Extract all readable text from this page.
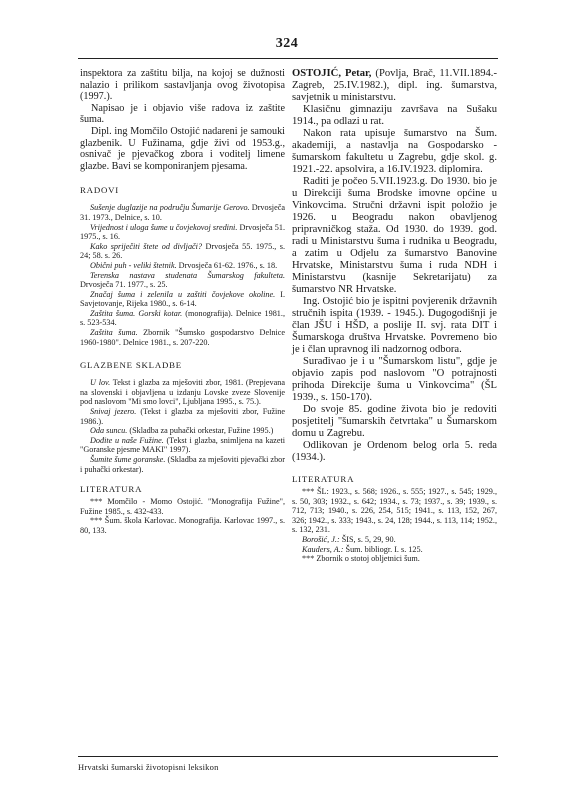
324

inspektora za zaštitu bilja, na kojoj se dužnosti nalazio i prilikom sastavljanja ovog životopisa (1997.).

Napisao je i objavio više radova iz zaštite šuma.

Dipl. ing Momčilo Ostojić nadareni je samouki glazbenik. U Fužinama, gdje živi od 1953.g., osnivač je pjevačkog zbora i voditelj limene glazbe. Bavi se komponiranjem pjesama.

RADOVI

Sušenje duglazije na području Šumarije Gerovo. Drvosječa 31. 1973., Delnice, s. 10.

Vrijednost i uloga šume u čovjekovoj sredini. Drvosječa 51. 1975., s. 16.

Kako spriječiti štete od divljači? Drvosječa 55. 1975., s. 24; 58. s. 26.

Obični puh - veliki štetnik. Drvosječa 61-62. 1976., s. 18.

Terenska nastava studenata Šumarskog fakulteta. Drvosječa 71. 1977., s. 25.

Značaj šuma i zelenila u zaštiti čovjekove okoline. I. Savjetovanje, Rijeka 1980., s. 6-14.

Zaštita šuma. Gorski kotar. (monografija). Delnice 1981., s. 523-534.

Zaštita šuma. Zbornik "Šumsko gospodarstvo Delnice 1960-1980". Delnice 1981., s. 207-220.

GLAZBENE SKLADBE

U lov. Tekst i glazba za mješoviti zbor, 1981. (Prepjevana na slovenski i objavljena u izdanju Lovske zveze Slovenije pod naslovom "Mi smo lovci", Ljubljana 1995., s. 75.).

Snivaj jezero. (Tekst i glazba za mješoviti zbor, Fužine 1986.).

Oda suncu. (Skladba za puhački orkestar, Fužine 1995.)

Dođite u naše Fužine. (Tekst i glazba, snimljena na kazeti "Goranske pjesme MAKI" 1997).

Šumite šume goranske. (Skladba za mješoviti pjevački zbor i puhački orkestar).

LITERATURA

*** Momčilo - Momo Ostojić. "Monografija Fužine", Fužine 1985., s. 432-433.

*** Šum. škola Karlovac. Monografija. Karlovac 1997., s. 80, 133.

OSTOJIĆ, Petar, (Povlja, Brač, 11.VII.1894.- Zagreb, 25.IV.1982.), dipl. ing. šumarstva, savjetnik u ministarstvu.

Klasičnu gimnaziju završava na Sušaku 1914., pa odlazi u rat.

Nakon rata upisuje šumarstvo na Šum. akademiji, a nastavlja na Gospodarsko - šumarskom fakultetu u Zagrebu, gdje skol. g. 1921.-22. apsolvira, a 16.IV.1923. diplomira.

Raditi je počeo 5.VII.1923.g. Do 1930. bio je u Direkciji šuma Brodske imovne općine u Vinkovcima. Stručni državni ispit položio je 1926. u Beogradu nakon obavljenog pripravničkog staža. Od 1930. do 1939. god. radi u Ministarstvu šuma i rudnika u Beogradu, a zatim u Odjelu za šumarstvo Banovine Hrvatske, Ministarstvu šuma i ruda NDH i Ministarstvu (kasnije Sekretarijatu) za šumarstvo NR Hrvatske.

Ing. Ostojić bio je ispitni povjerenik državnih stručnih ispita (1939. - 1945.). Dugogodišnji je član JŠU i HŠD, a poslije II. svj. rata DIT i Šumarskoga društva Hrvatske. Povremeno bio je i član upravnog ili nadzornog odbora.

Surađivao je i u "Šumarskom listu", gdje je objavio zapis pod naslovom "O potrajnosti prihoda Direkcije šuma u Vinkovcima" (ŠL 1939., s. 150-170).

Do svoje 85. godine života bio je redoviti posjetitelj "šumarskih četvrtaka" u Šumarskom domu u Zagrebu.

Odlikovan je Ordenom belog orla 5. reda (1934.).

LITERATURA

*** ŠL: 1923., s. 568; 1926., s. 555; 1927., s. 545; 1929., s. 50, 303; 1932., s. 642; 1934., s. 73; 1937., s. 39; 1939., s. 712, 713; 1940., s. 226, 254, 515; 1941., s. 113, 152, 267, 326; 1942., s. 333; 1943., s. 24, 128; 1944., s. 113, 114; 1952., s. 132, 231.

Borošić, J.: ŠIS, s. 5, 29, 90.

Kauders, A.: Šum. bibliogr. I. s. 125.

*** Zbornik o stotoj obljetnici šum.

Hrvatski šumarski životopisni leksikon
